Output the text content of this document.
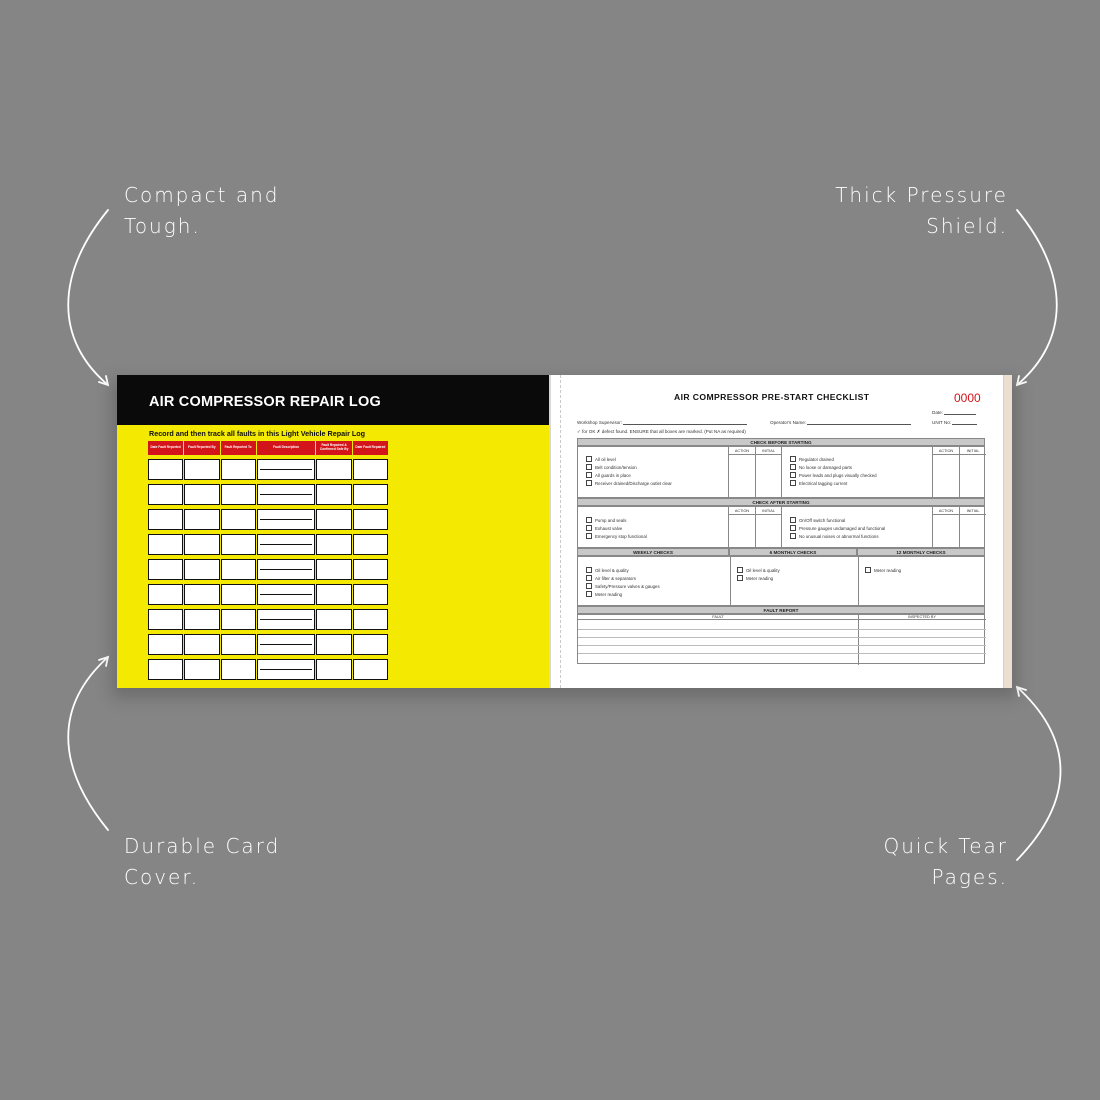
Compact and
Tough.
Thick Pressure
Shield.
Durable Card
Cover.
Quick Tear
Pages.
AIR COMPRESSOR REPAIR LOG
Record and then track all faults in this Light Vehicle Repair Log
Date Fault Reported	Fault Reported By	Fault Reported To	Fault Description	Fault Repaired & Confirmed Safe By	Date Fault Repaired
AIR COMPRESSOR PRE-START CHECKLIST	0000
Date:
Workshop Supervisor:	Operator's Name:	UNIT No:
✓ for OK ✗ defect found. ENSURE that all boxes are marked. (Put NA as required)
CHECK BEFORE STARTING
ACTION	INITIAL	ACTION	INITIAL
All oil level
Belt condition/tension
All guards in place
Receiver drained/Discharge outlet clear
Regulator drained
No loose or damaged parts
Power leads and plugs visually checked
Electrical tagging current
CHECK AFTER STARTING
ACTION	INITIAL	ACTION	INITIAL
Pump and seals
Exhaust valve
Emergency stop functional
On/Off switch functional
Pressure gauges undamaged and functional
No unusual noises or abnormal functions
WEEKLY CHECKS	6 MONTHLY CHECKS	12 MONTHLY CHECKS
Oil level & quality
Air filter & separators
Safety/Pressure valves & gauges
Meter reading
Oil level & quality
Meter reading
Meter reading
FAULT REPORT
FAULT	INSPECTED BY
